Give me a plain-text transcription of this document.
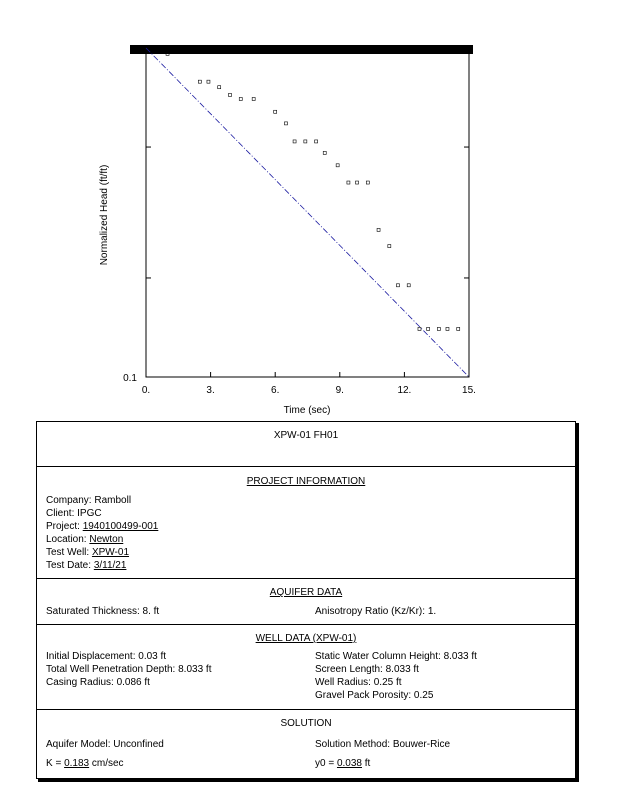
0.	3.	6.	9.	12.	15.
0.1
Time (sec)
Normalized Head (ft/ft)
XPW-01 FH01
PROJECT INFORMATION
Company: Ramboll
Client: IPGC
Project: 1940100499-001
Location: Newton
Test Well: XPW-01
Test Date: 3/11/21
AQUIFER DATA
Saturated Thickness: 8. ft	Anisotropy Ratio (Kz/Kr): 1.
WELL DATA (XPW-01)
Initial Displacement: 0.03 ft	Static Water Column Height: 8.033 ft
Total Well Penetration Depth: 8.033 ft	Screen Length: 8.033 ft
Casing Radius: 0.086 ft	Well Radius: 0.25 ft
Gravel Pack Porosity: 0.25
SOLUTION
Aquifer Model: Unconfined	Solution Method: Bouwer-Rice
K = 0.183 cm/sec	y0 = 0.038 ft
